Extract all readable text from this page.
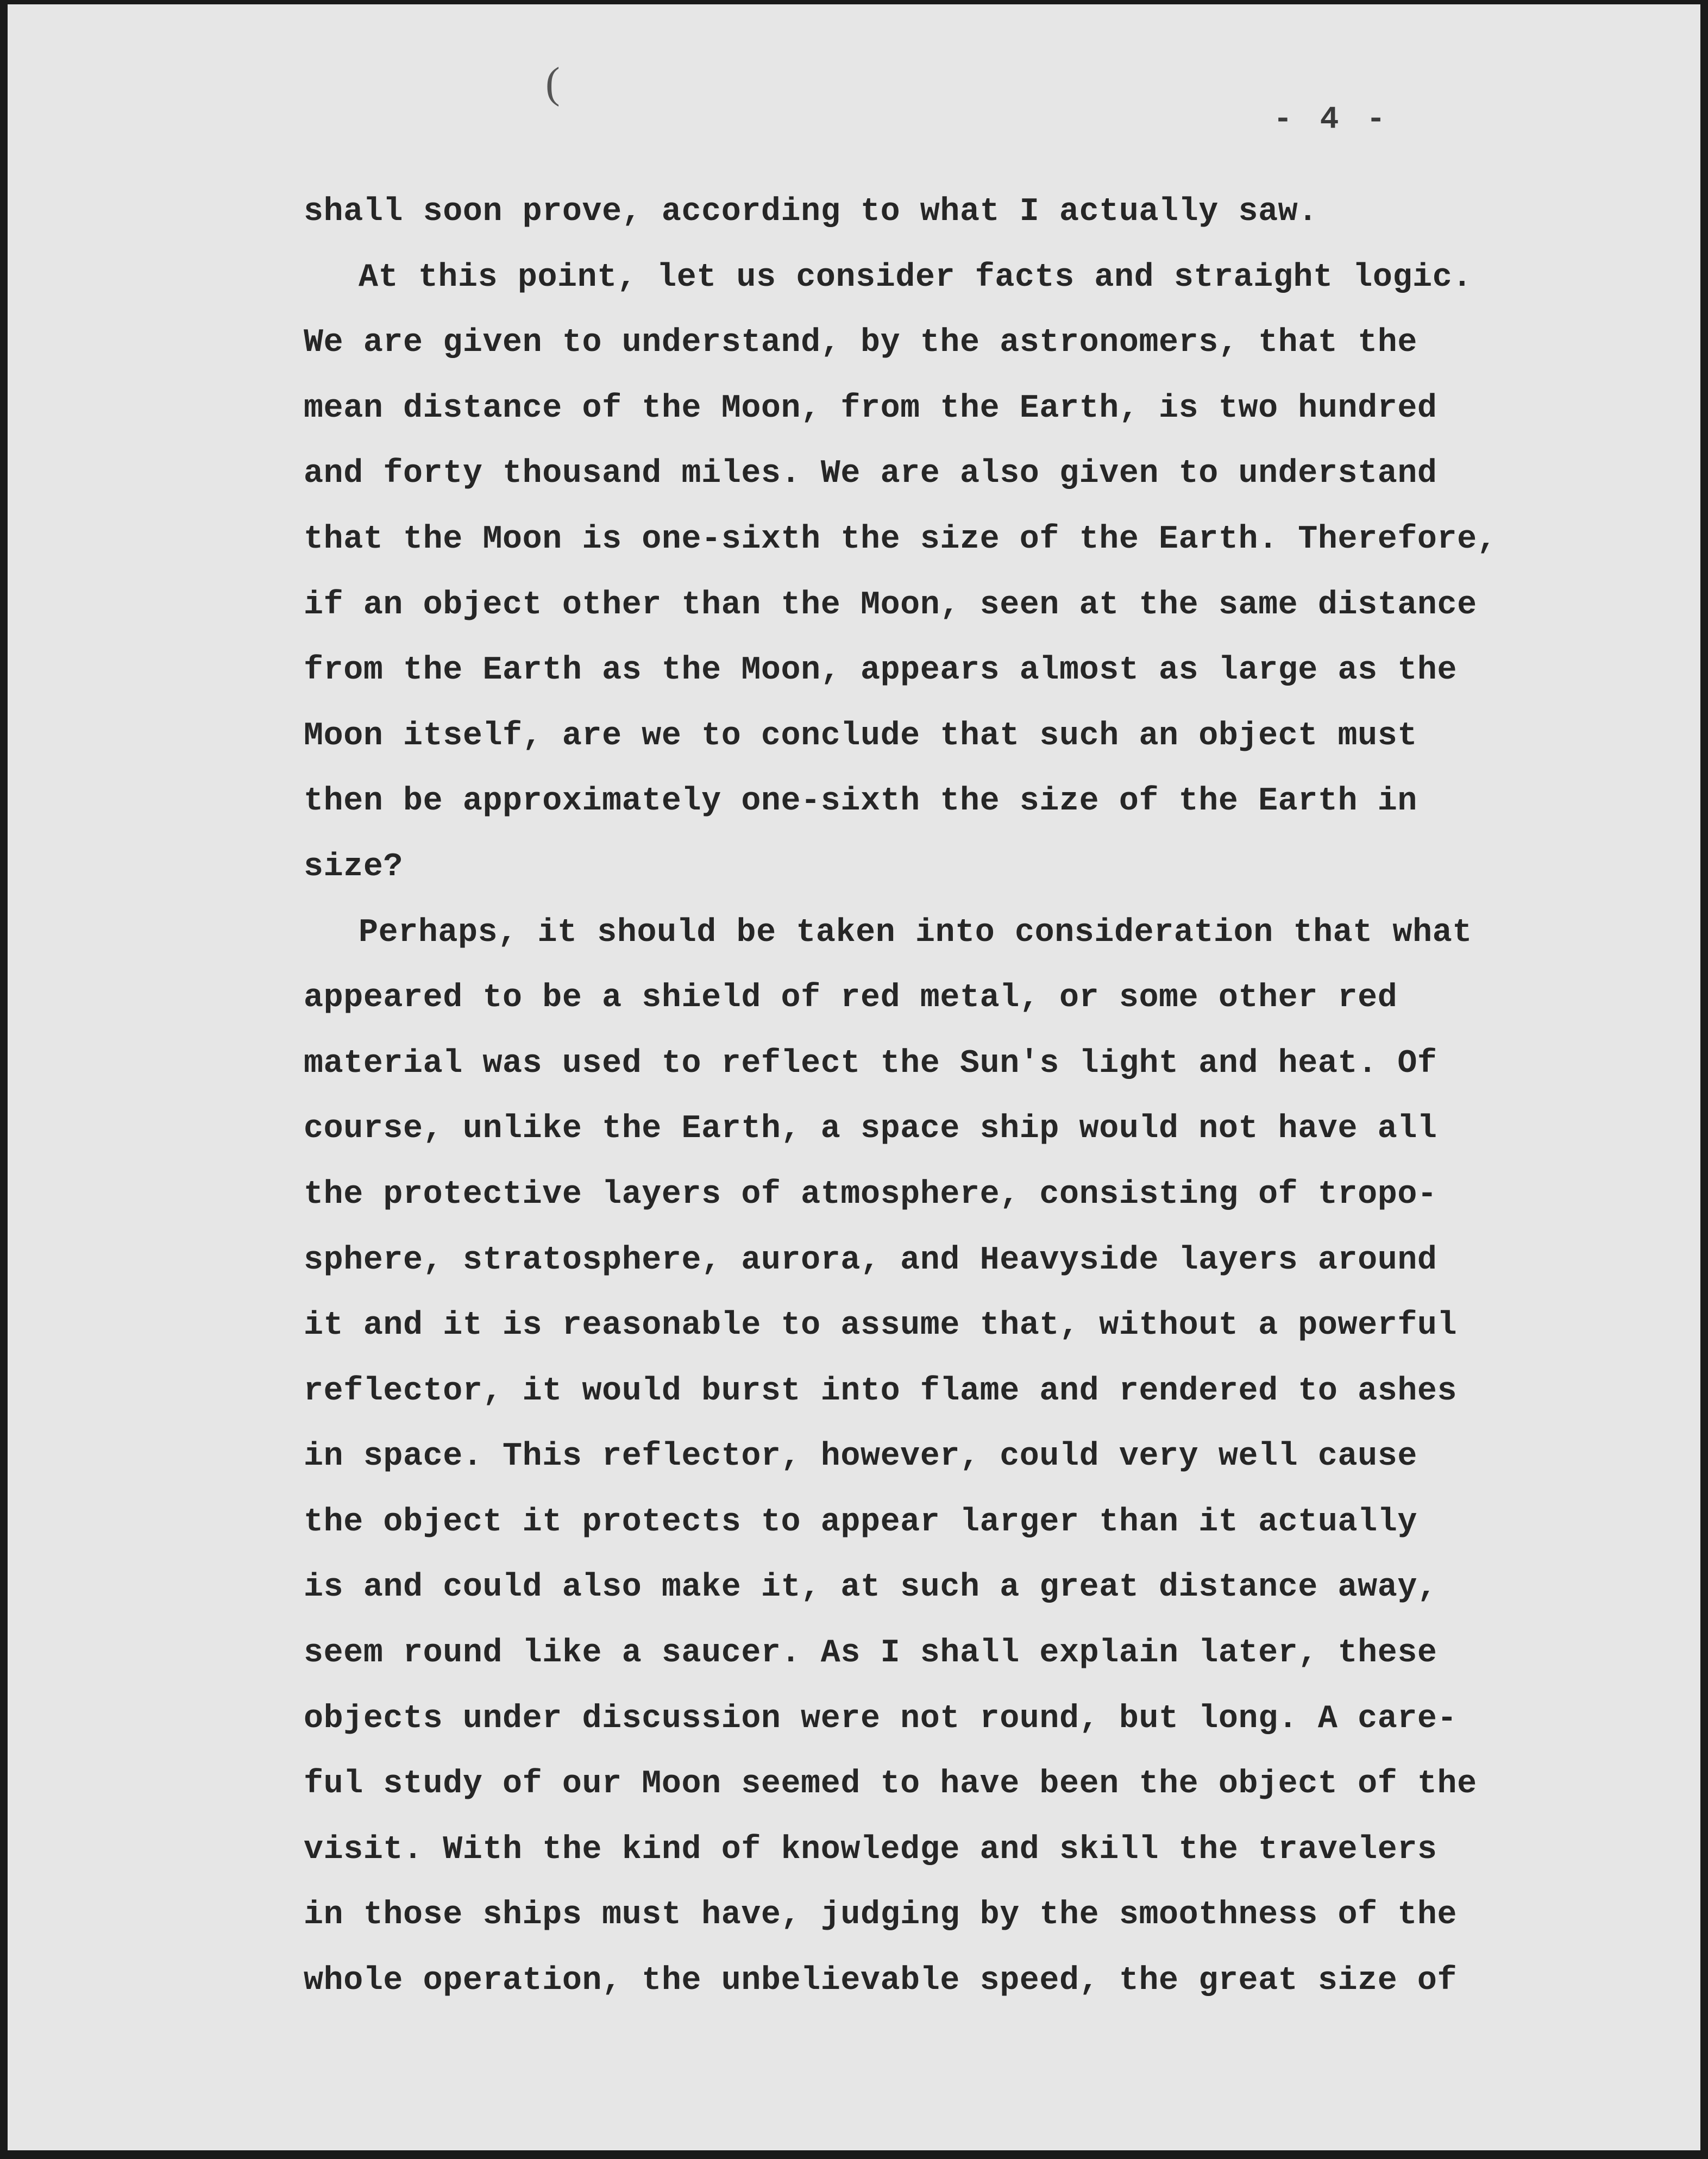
(
- 4 -
shall soon prove, according to what I actually saw.
At this point, let us consider facts and straight logic.
We are given to understand, by the astronomers, that the
mean distance of the Moon, from the Earth, is two hundred
and forty thousand miles. We are also given to understand
that the Moon is one-sixth the size of the Earth. Therefore,
if an object other than the Moon, seen at the same distance
from the Earth as the Moon, appears almost as large as the
Moon itself, are we to conclude that such an object must
then be approximately one-sixth the size of the Earth in
size?
Perhaps, it should be taken into consideration that what
appeared to be a shield of red metal, or some other red
material was used to reflect the Sun's light and heat. Of
course, unlike the Earth, a space ship would not have all
the protective layers of atmosphere, consisting of tropo-
sphere, stratosphere, aurora, and Heavyside layers around
it and it is reasonable to assume that, without a powerful
reflector, it would burst into flame and rendered to ashes
in space. This reflector, however, could very well cause
the object it protects to appear larger than it actually
is and could also make it, at such a great distance away,
seem round like a saucer. As I shall explain later, these
objects under discussion were not round, but long. A care-
ful study of our Moon seemed to have been the object of the
visit. With the kind of knowledge and skill the travelers
in those ships must have, judging by the smoothness of the
whole operation, the unbelievable speed, the great size of
